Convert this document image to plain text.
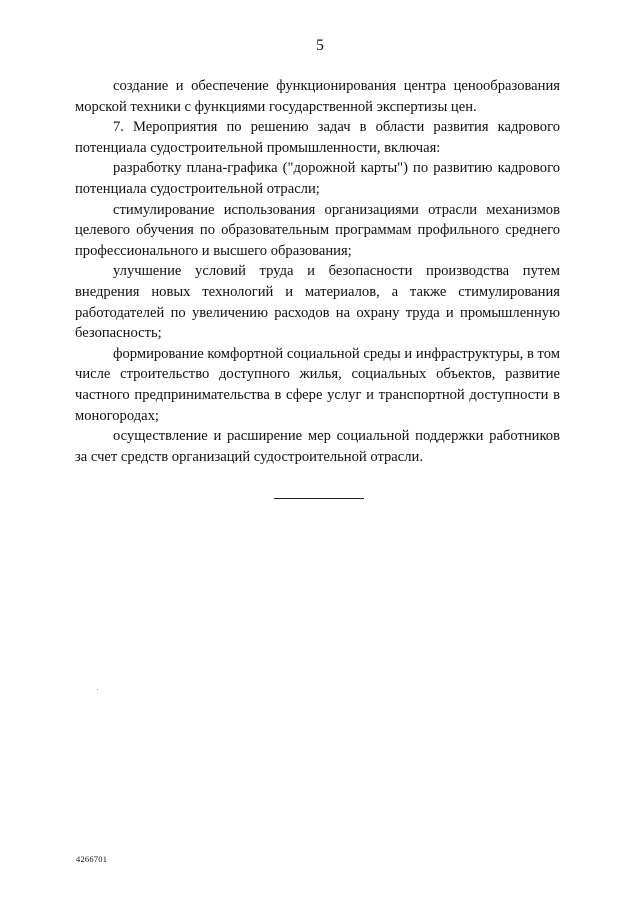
5

создание и обеспечение функционирования центра ценообразования морской техники с функциями государственной экспертизы цен.

7. Мероприятия по решению задач в области развития кадрового потенциала судостроительной промышленности, включая:

разработку плана-графика ("дорожной карты") по развитию кадрового потенциала судостроительной отрасли;

стимулирование использования организациями отрасли механизмов целевого обучения по образовательным программам профильного среднего профессионального и высшего образования;

улучшение условий труда и безопасности производства путем внедрения новых технологий и материалов, а также стимулирования работодателей по увеличению расходов на охрану труда и промышленную безопасность;

формирование комфортной социальной среды и инфраструктуры, в том числе строительство доступного жилья, социальных объектов, развитие частного предпринимательства в сфере услуг и транспортной доступности в моногородах;

осуществление и расширение мер социальной поддержки работников за счет средств организаций судостроительной отрасли.

4266701
